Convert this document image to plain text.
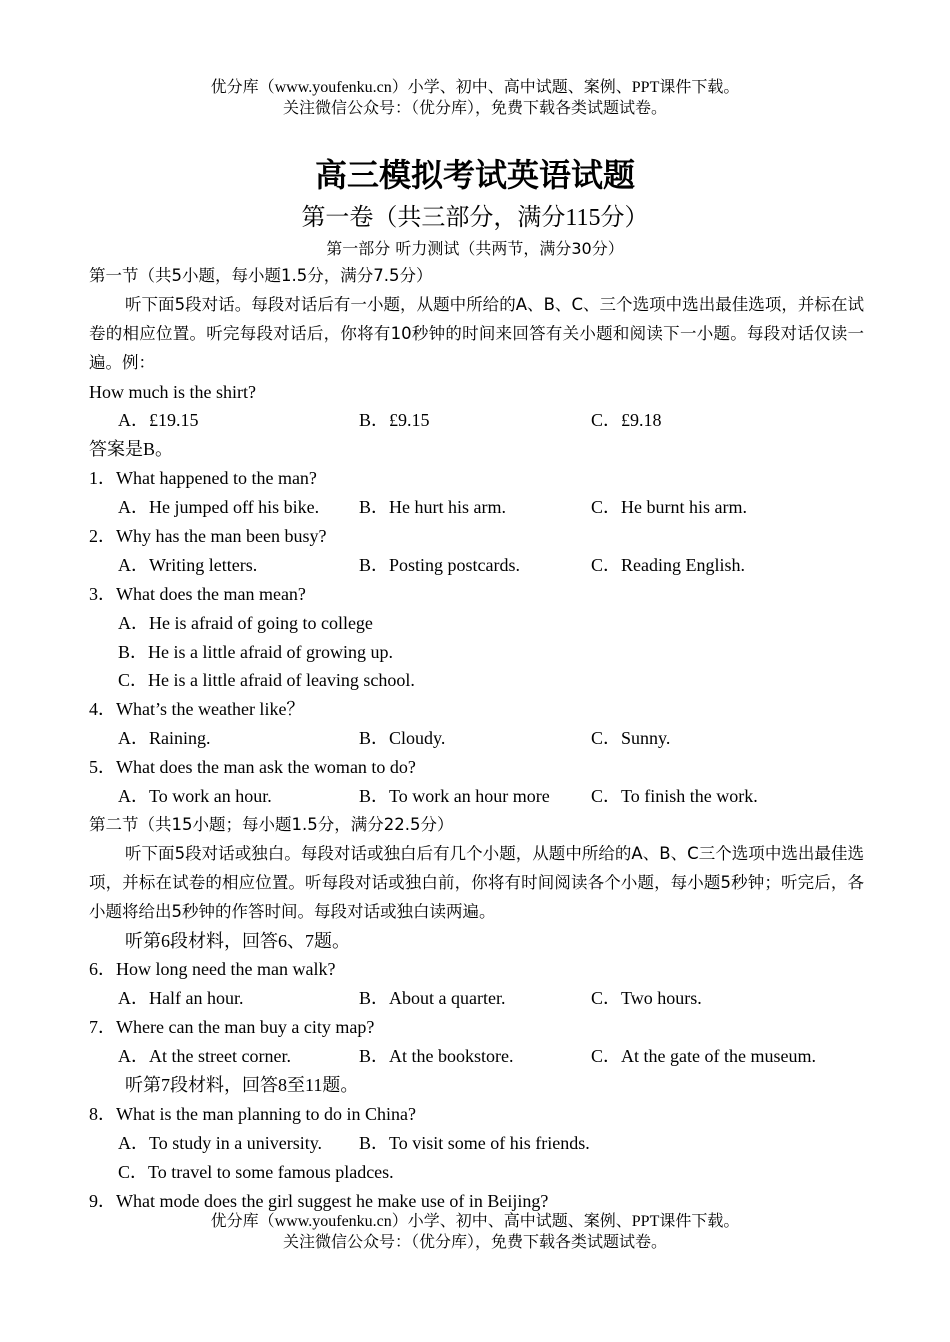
优分库（www.youfenku.cn）小学、初中、高中试题、案例、PPT课件下载。
关注微信公众号：（优分库），免费下载各类试题试卷。
高三模拟考试英语试题
第一卷（共三部分，满分115分）
第一部分 听力测试（共两节，满分30分）
第一节（共5小题，每小题1.5分，满分7.5分）
听下面5段对话。每段对话后有一小题，从题中所给的A、B、C、三个选项中选出最佳选项，并标在试卷的相应位置。听完每段对话后，你将有10秒钟的时间来回答有关小题和阅读下一小题。每段对话仅读一遍。例：
How much is the shirt?
A．£19.15	B．£9.15	C．£9.18
答案是B。
1．What happened to the man?
A．He jumped off his bike. B．He hurt his arm.	C．He burnt his arm.
2．Why has the man been busy?
A．Writing letters.	B．Posting postcards.	C．Reading English.
3．What does the man mean?
A．He is afraid of going to college
B．He is a little afraid of growing up.
C．He is a little afraid of leaving school.
4．What’s the weather like？
A．Raining.	B．Cloudy.	C．Sunny.
5．What does the man ask the woman to do?
A．To work an hour.	B．To work an hour more C．To finish the work.
第二节（共15小题；每小题1.5分，满分22.5分）
听下面5段对话或独白。每段对话或独白后有几个小题，从题中所给的A、B、C三个选项中选出最佳选项，并标在试卷的相应位置。听每段对话或独白前，你将有时间阅读各个小题，每小题5秒钟；听完后，各小题将给出5秒钟的作答时间。每段对话或独白读两遍。
听第6段材料，回答6、7题。
6．How long need the man walk?
A．Half an hour.	B．About a quarter.	C．Two hours.
7．Where can the man buy a city map?
A．At the street corner.	B．At the bookstore.	C．At the gate of the museum.
听第7段材料，回答8至11题。
8．What is the man planning to do in China?
A．To study in a university. B．To visit some of his friends.
C．To travel to some famous pladces.
9．What mode does the girl suggest he make use of in Beijing?
优分库（www.youfenku.cn）小学、初中、高中试题、案例、PPT课件下载。
关注微信公众号：（优分库），免费下载各类试题试卷。
